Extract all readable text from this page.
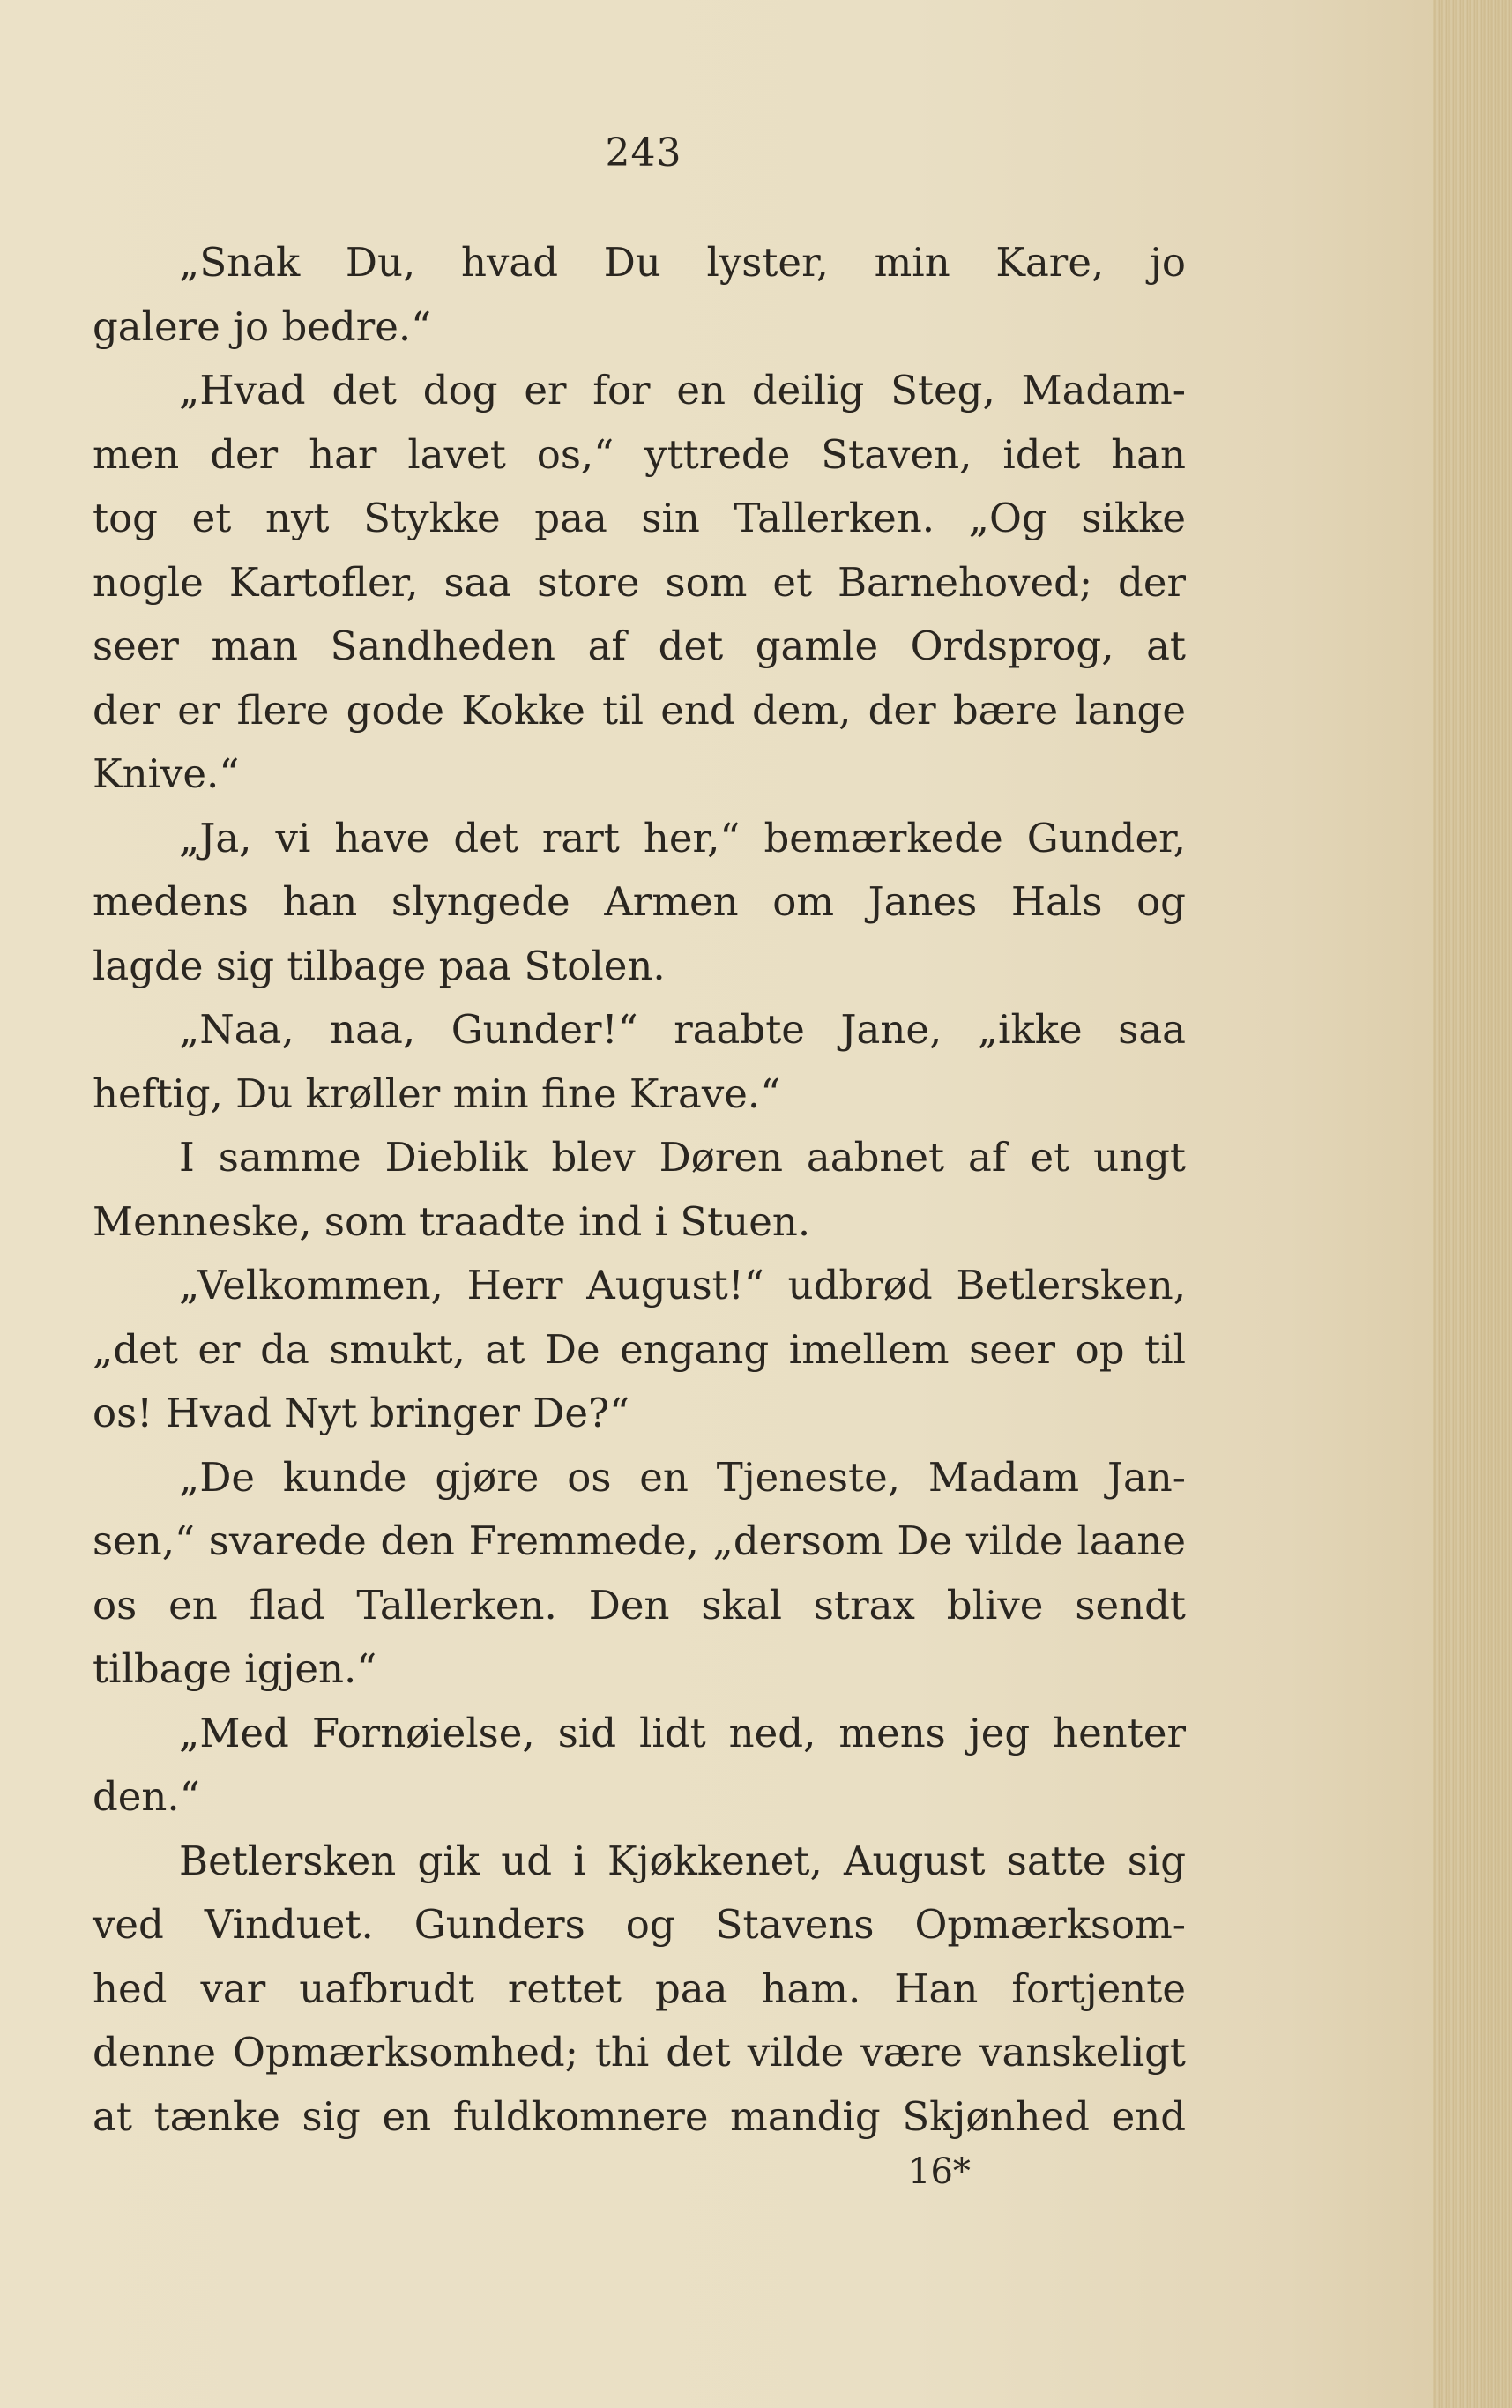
243
„Snak Du, hvad Du lyster, min Kare, jo
galere jo bedre.“
„Hvad det dog er for en deilig Steg, Madam-
men der har lavet os,“ yttrede Staven, idet han
tog et nyt Stykke paa sin Tallerken. „Og sikke
nogle Kartofler, saa store som et Barnehoved; der
seer man Sandheden af det gamle Ordsprog, at
der er flere gode Kokke til end dem, der bære lange
Knive.“
„Ja, vi have det rart her,“ bemærkede Gunder,
medens han slyngede Armen om Janes Hals og
lagde sig tilbage paa Stolen.
„Naa, naa, Gunder!“ raabte Jane, „ikke saa
heftig, Du krøller min fine Krave.“
I samme Dieblik blev Døren aabnet af et ungt
Menneske, som traadte ind i Stuen.
„Velkommen, Herr August!“ udbrød Betlersken,
„det er da smukt, at De engang imellem seer op til
os! Hvad Nyt bringer De?“
„De kunde gjøre os en Tjeneste, Madam Jan-
sen,“ svarede den Fremmede, „dersom De vilde laane
os en flad Tallerken. Den skal strax blive sendt
tilbage igjen.“
„Med Fornøielse, sid lidt ned, mens jeg henter
den.“
Betlersken gik ud i Kjøkkenet, August satte sig
ved Vinduet. Gunders og Stavens Opmærksom-
hed var uafbrudt rettet paa ham. Han fortjente
denne Opmærksomhed; thi det vilde være vanskeligt
at tænke sig en fuldkomnere mandig Skjønhed end
16*
